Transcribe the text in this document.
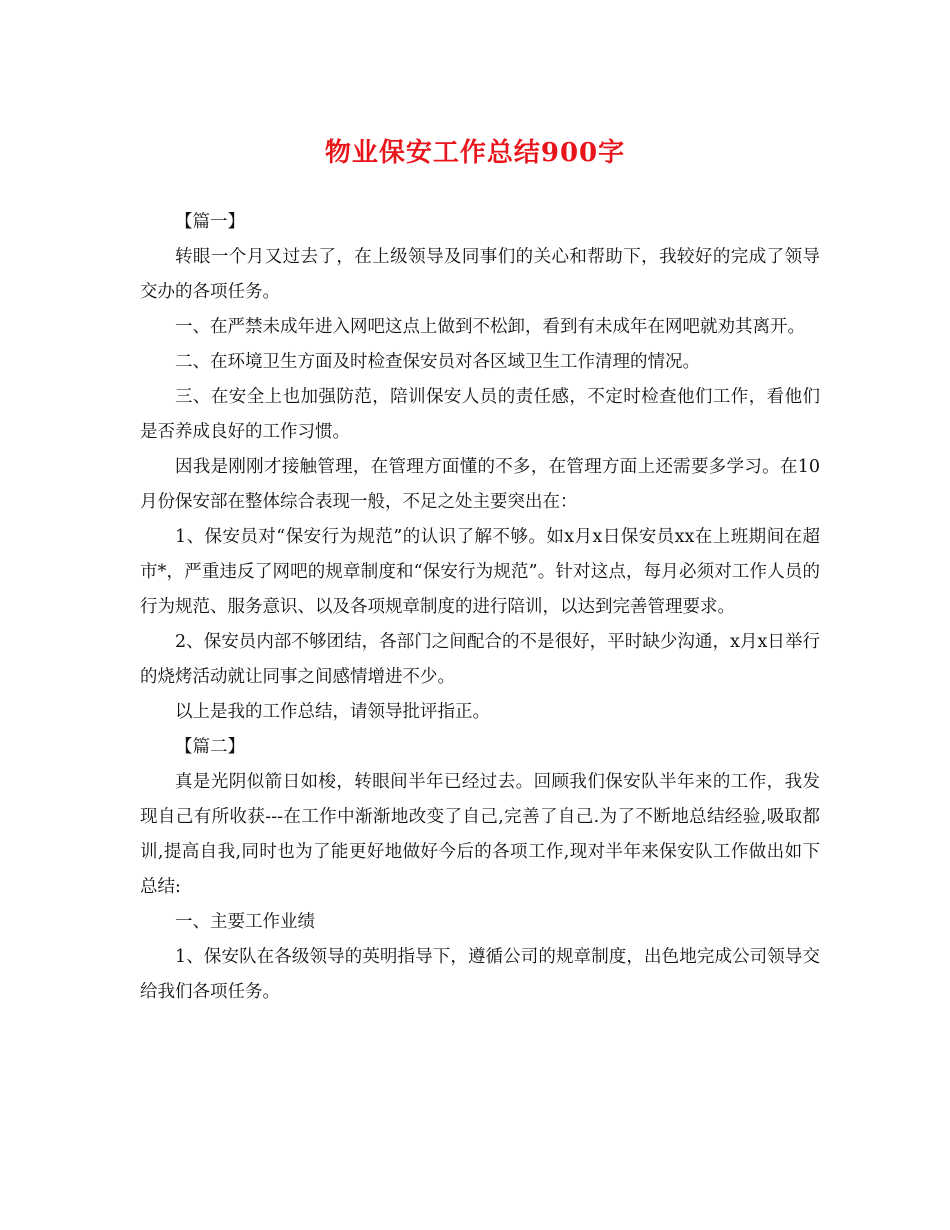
物业保安工作总结900字

【篇一】

转眼一个月又过去了，在上级领导及同事们的关心和帮助下，我较好的完成了领导交办的各项任务。

一、在严禁未成年进入网吧这点上做到不松卸，看到有未成年在网吧就劝其离开。

二、在环境卫生方面及时检查保安员对各区域卫生工作清理的情况。

三、在安全上也加强防范，陪训保安人员的责任感，不定时检查他们工作，看他们是否养成良好的工作习惯。

因我是刚刚才接触管理，在管理方面懂的不多，在管理方面上还需要多学习。在10月份保安部在整体综合表现一般，不足之处主要突出在：

1、保安员对“保安行为规范”的认识了解不够。如x月x日保安员xx在上班期间在超市*，严重违反了网吧的规章制度和“保安行为规范”。针对这点，每月必须对工作人员的行为规范、服务意识、以及各项规章制度的进行陪训，以达到完善管理要求。

2、保安员内部不够团结，各部门之间配合的不是很好，平时缺少沟通，x月x日举行的烧烤活动就让同事之间感情增进不少。

以上是我的工作总结，请领导批评指正。

【篇二】

真是光阴似箭日如梭，转眼间半年已经过去。回顾我们保安队半年来的工作，我发现自己有所收获---在工作中渐渐地改变了自己,完善了自己.为了不断地总结经验,吸取都训,提高自我,同时也为了能更好地做好今后的各项工作,现对半年来保安队工作做出如下总结:

一、主要工作业绩

1、保安队在各级领导的英明指导下，遵循公司的规章制度，出色地完成公司领导交给我们各项任务。
